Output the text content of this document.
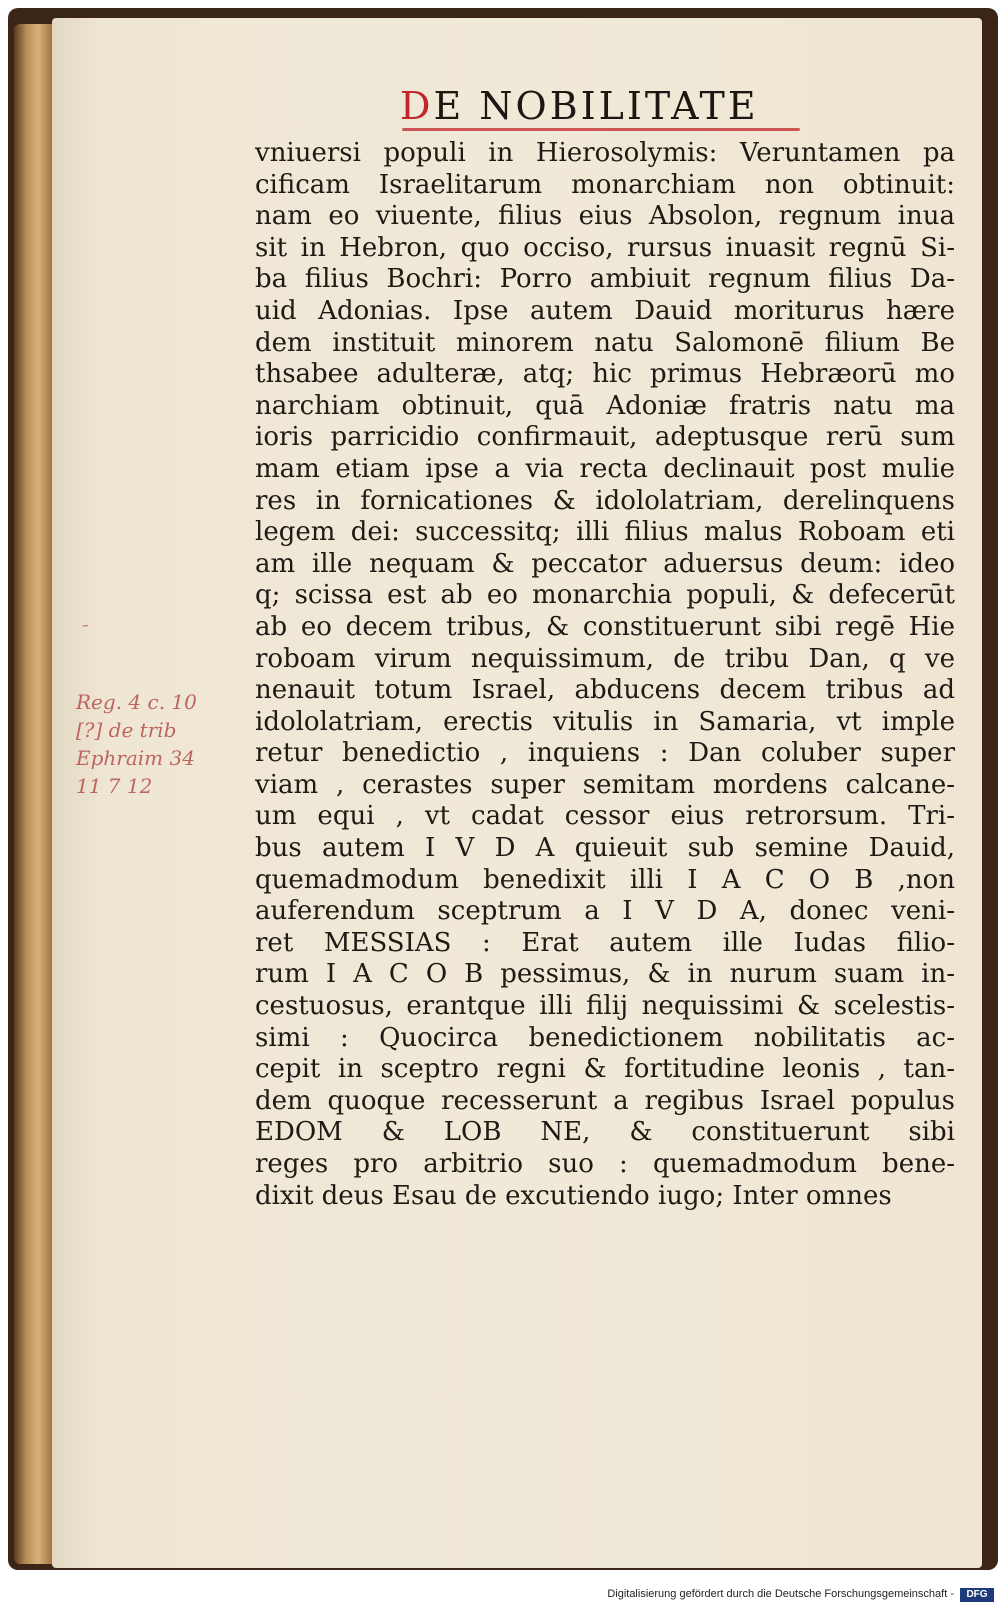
DE NOBILITATE
-
Reg. 4 c. 10
[?] de trib
Ephraim 34
11 7 12
vniuersi populi in Hierosolymis: Veruntamen pa
cificam Israelitarum monarchiam non obtinuit:
nam eo viuente, filius eius Absolon, regnum inua
sit in Hebron, quo occiso, rursus inuasit regnū Si-
ba filius Bochri: Porro ambiuit regnum filius Da-
uid Adonias. Ipse autem Dauid moriturus hære
dem instituit minorem natu Salomonē filium Be
thsabee adulteræ, atq; hic primus Hebræorū mo
narchiam obtinuit, quā Adoniæ fratris natu ma
ioris parricidio confirmauit, adeptusque rerū sum
mam etiam ipse a via recta declinauit post mulie
res in fornicationes & idololatriam, derelinquens
legem dei: successitq; illi filius malus Roboam eti
am ille nequam & peccator aduersus deum: ideo
q; scissa est ab eo monarchia populi, & defecerūt
ab eo decem tribus, & constituerunt sibi regē Hie
roboam virum nequissimum, de tribu Dan, q ve
nenauit totum Israel, abducens decem tribus ad
idololatriam, erectis vitulis in Samaria, vt imple
retur benedictio , inquiens : Dan coluber super
viam , cerastes super semitam mordens calcane-
um equi , vt cadat cessor eius retrorsum. Tri-
bus autem I V D A quieuit sub semine Dauid,
quemadmodum benedixit illi I A C O B ,non
auferendum sceptrum a I V D A, donec veni-
ret MESSIAS : Erat autem ille Iudas filio-
rum I A C O B pessimus, & in nurum suam in-
cestuosus, erantque illi filij nequissimi & scelestis-
simi : Quocirca benedictionem nobilitatis ac-
cepit in sceptro regni & fortitudine leonis , tan-
dem quoque recesserunt a regibus Israel populus
EDOM & LOB NE, & constituerunt sibi
reges pro arbitrio suo : quemadmodum bene-
dixit deus Esau de excutiendo iugo; Inter omnes
Digitalisierung gefördert durch die Deutsche Forschungsgemeinschaft -	DFG
